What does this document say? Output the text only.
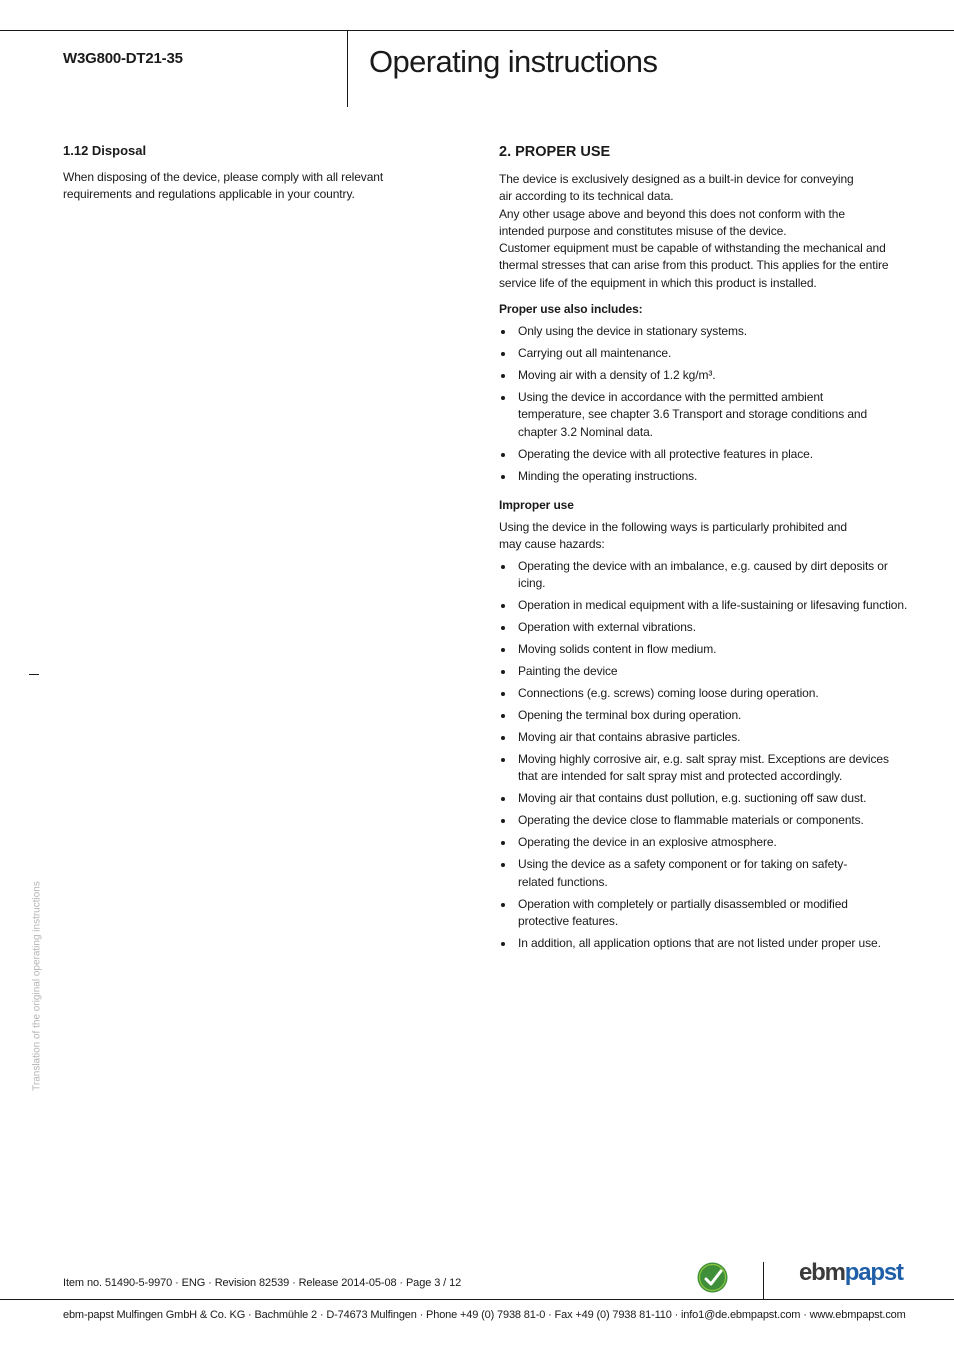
W3G800-DT21-35	Operating instructions
1.12 Disposal

When disposing of the device, please comply with all relevant requirements and regulations applicable in your country.

2. PROPER USE

The device is exclusively designed as a built-in device for conveying air according to its technical data.

Any other usage above and beyond this does not conform with the intended purpose and constitutes misuse of the device.

Customer equipment must be capable of withstanding the mechanical and thermal stresses that can arise from this product. This applies for the entire service life of the equipment in which this product is installed.

Proper use also includes:
Only using the device in stationary systems.
Carrying out all maintenance.
Moving air with a density of 1.2 kg/m³.
Using the device in accordance with the permitted ambient temperature, see chapter 3.6 Transport and storage conditions and chapter 3.2 Nominal data.
Operating the device with all protective features in place.
Minding the operating instructions.
Improper use

Using the device in the following ways is particularly prohibited and may cause hazards:

Operating the device with an imbalance, e.g. caused by dirt deposits or icing.
Operation in medical equipment with a life-sustaining or lifesaving function.
Operation with external vibrations.
Moving solids content in flow medium.
Painting the device
Connections (e.g. screws) coming loose during operation.
Opening the terminal box during operation.
Moving air that contains abrasive particles.
Moving highly corrosive air, e.g. salt spray mist. Exceptions are devices that are intended for salt spray mist and protected accordingly.
Moving air that contains dust pollution, e.g. suctioning off saw dust.
Operating the device close to flammable materials or components.
Operating the device in an explosive atmosphere.
Using the device as a safety component or for taking on safety-related functions.
Operation with completely or partially disassembled or modified protective features.
In addition, all application options that are not listed under proper use.
Translation of the original operating instructions
Item no. 51490-5-9970 · ENG · Revision 82539 · Release 2014-05-08 · Page 3 / 12	ebmpapst
ebm-papst Mulfingen GmbH & Co. KG · Bachmühle 2 · D-74673 Mulfingen · Phone +49 (0) 7938 81-0 · Fax +49 (0) 7938 81-110 · info1@de.ebmpapst.com · www.ebmpapst.com
